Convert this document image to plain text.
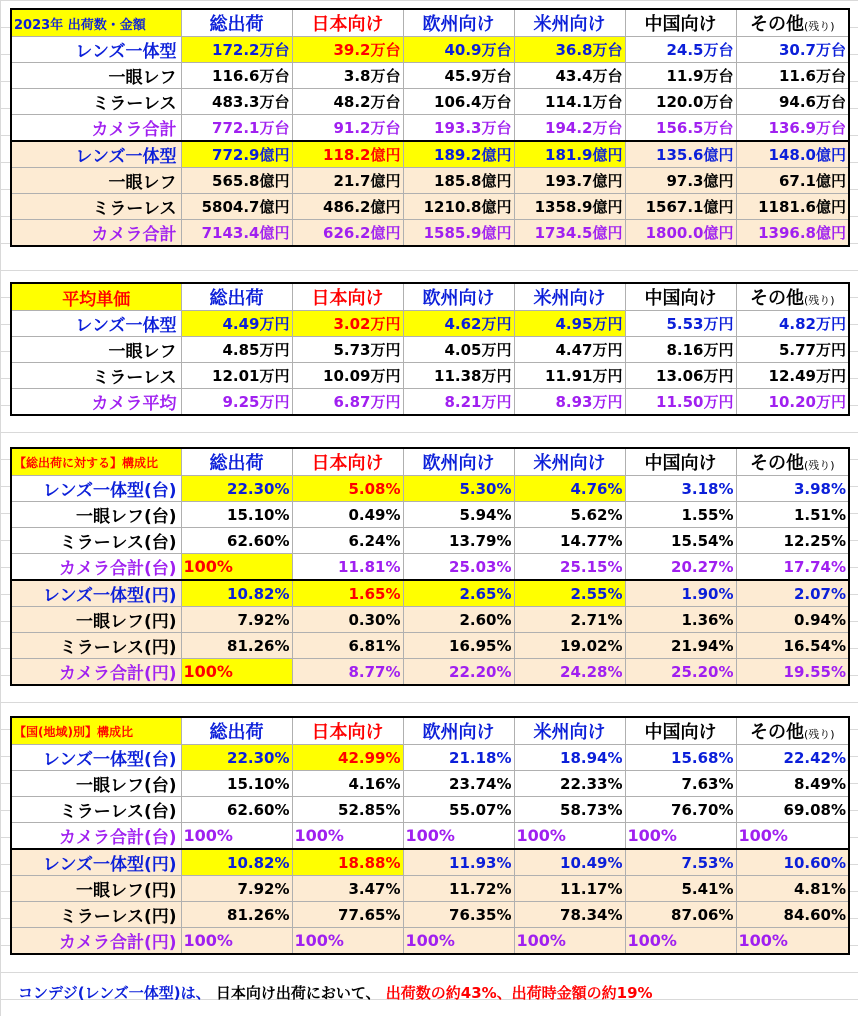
2023年 出荷数・金額	総出荷	日本向け	欧州向け	米州向け	中国向け	その他(残り)
レンズ一体型	172.2万台	39.2万台	40.9万台	36.8万台	24.5万台	30.7万台
一眼レフ	116.6万台	3.8万台	45.9万台	43.4万台	11.9万台	11.6万台
ミラーレス	483.3万台	48.2万台	106.4万台	114.1万台	120.0万台	94.6万台
カメラ合計	772.1万台	91.2万台	193.3万台	194.2万台	156.5万台	136.9万台
レンズ一体型	772.9億円	118.2億円	189.2億円	181.9億円	135.6億円	148.0億円
一眼レフ	565.8億円	21.7億円	185.8億円	193.7億円	97.3億円	67.1億円
ミラーレス	5804.7億円	486.2億円	1210.8億円	1358.9億円	1567.1億円	1181.6億円
カメラ合計	7143.4億円	626.2億円	1585.9億円	1734.5億円	1800.0億円	1396.8億円
平均単価	総出荷	日本向け	欧州向け	米州向け	中国向け	その他(残り)
レンズ一体型	4.49万円	3.02万円	4.62万円	4.95万円	5.53万円	4.82万円
一眼レフ	4.85万円	5.73万円	4.05万円	4.47万円	8.16万円	5.77万円
ミラーレス	12.01万円	10.09万円	11.38万円	11.91万円	13.06万円	12.49万円
カメラ平均	9.25万円	6.87万円	8.21万円	8.93万円	11.50万円	10.20万円
【総出荷に対する】構成比	総出荷	日本向け	欧州向け	米州向け	中国向け	その他(残り)
レンズ一体型(台)	22.30%	5.08%	5.30%	4.76%	3.18%	3.98%
一眼レフ(台)	15.10%	0.49%	5.94%	5.62%	1.55%	1.51%
ミラーレス(台)	62.60%	6.24%	13.79%	14.77%	15.54%	12.25%
カメラ合計(台)	100%	11.81%	25.03%	25.15%	20.27%	17.74%
レンズ一体型(円)	10.82%	1.65%	2.65%	2.55%	1.90%	2.07%
一眼レフ(円)	7.92%	0.30%	2.60%	2.71%	1.36%	0.94%
ミラーレス(円)	81.26%	6.81%	16.95%	19.02%	21.94%	16.54%
カメラ合計(円)	100%	8.77%	22.20%	24.28%	25.20%	19.55%
【国(地域)別】構成比	総出荷	日本向け	欧州向け	米州向け	中国向け	その他(残り)
レンズ一体型(台)	22.30%	42.99%	21.18%	18.94%	15.68%	22.42%
一眼レフ(台)	15.10%	4.16%	23.74%	22.33%	7.63%	8.49%
ミラーレス(台)	62.60%	52.85%	55.07%	58.73%	76.70%	69.08%
カメラ合計(台)	100%	100%	100%	100%	100%	100%
レンズ一体型(円)	10.82%	18.88%	11.93%	10.49%	7.53%	10.60%
一眼レフ(円)	7.92%	3.47%	11.72%	11.17%	5.41%	4.81%
ミラーレス(円)	81.26%	77.65%	76.35%	78.34%	87.06%	84.60%
カメラ合計(円)	100%	100%	100%	100%	100%	100%
コンデジ(レンズ一体型)は、 日本向け出荷において、 出荷数の約43%、出荷時金額の約19%
